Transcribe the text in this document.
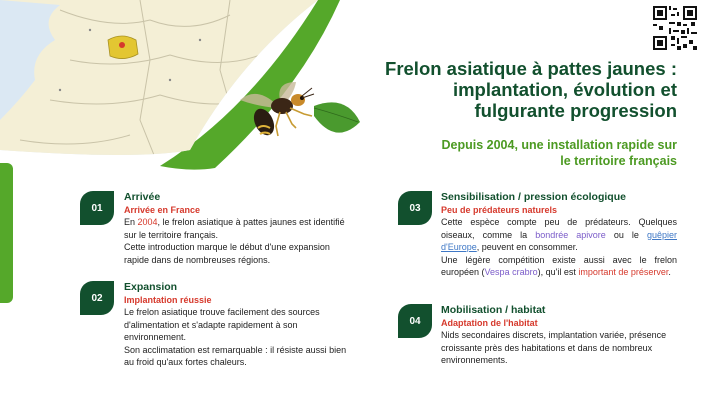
Frelon asiatique à pattes jaunes :
implantation, évolution et
fulgurante progression
Depuis 2004, une installation rapide sur
le territoire français
01
Arrivée
Arrivée en France

En 2004, le frelon asiatique à pattes jaunes est identifié sur le territoire français.

Cette introduction marque le début d'une expansion rapide dans de nombreuses régions.

02
Expansion
Implantation réussie

Le frelon asiatique trouve facilement des sources d'alimentation et s'adapte rapidement à son environnement.

Son acclimatation est remarquable : il résiste aussi bien au froid qu'aux fortes chaleurs.

03
Sensibilisation / pression écologique
Peu de prédateurs naturels

Cette espèce compte peu de prédateurs. Quelques oiseaux, comme la bondrée apivore ou le guêpier d'Europe, peuvent en consommer.

Une légère compétition existe aussi avec le frelon européen (Vespa crabro), qu'il est important de préserver.

04
Mobilisation / habitat
Adaptation de l'habitat

Nids secondaires discrets, implantation variée, présence croissante près des habitations et dans de nombreux environnements.
